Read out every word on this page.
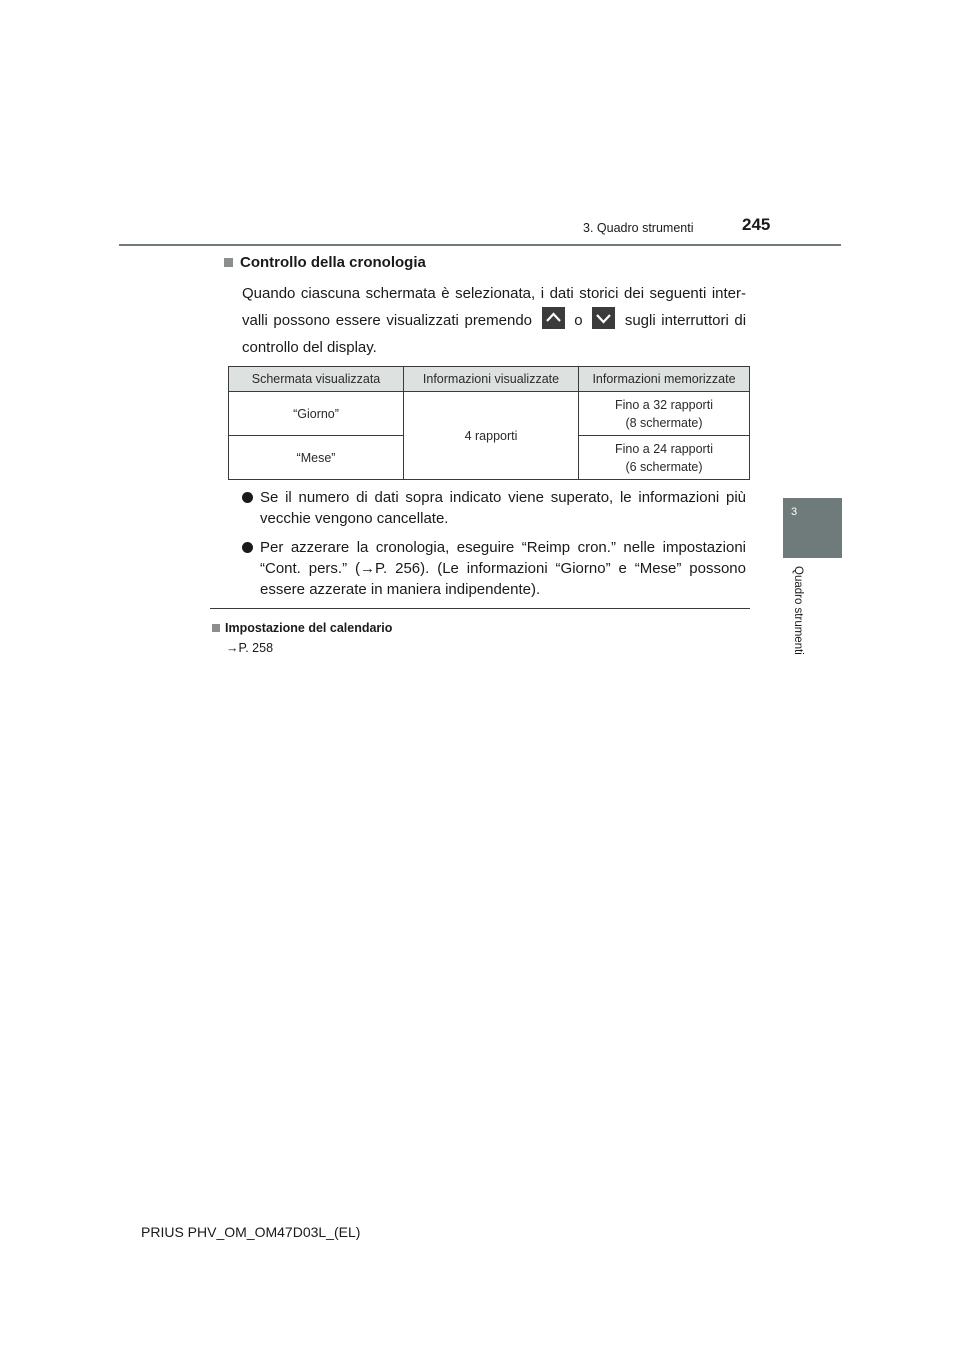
3. Quadro strumenti	245
3
Quadro strumenti
Controllo della cronologia
Quando ciascuna schermata è selezionata, i dati storici dei seguenti inter-valli possono essere visualizzati premendo	o	sugli interruttori di controllo del display.
Schermata visualizzata	Informazioni visualizzate	Informazioni memorizzate
“Giorno”	4 rapporti	Fino a 32 rapporti
(8 schermate)

“Mese”		Fino a 24 rapporti
(6 schermate)
Se il numero di dati sopra indicato viene superato, le informazioni più vecchie vengono cancellate.
Per azzerare la cronologia, eseguire “Reimp cron.” nelle impostazioni “Cont. pers.” (→P. 256). (Le informazioni “Giorno” e “Mese” possono essere azzerate in maniera indipendente).
Impostazione del calendario
→P. 258
PRIUS PHV_OM_OM47D03L_(EL)
